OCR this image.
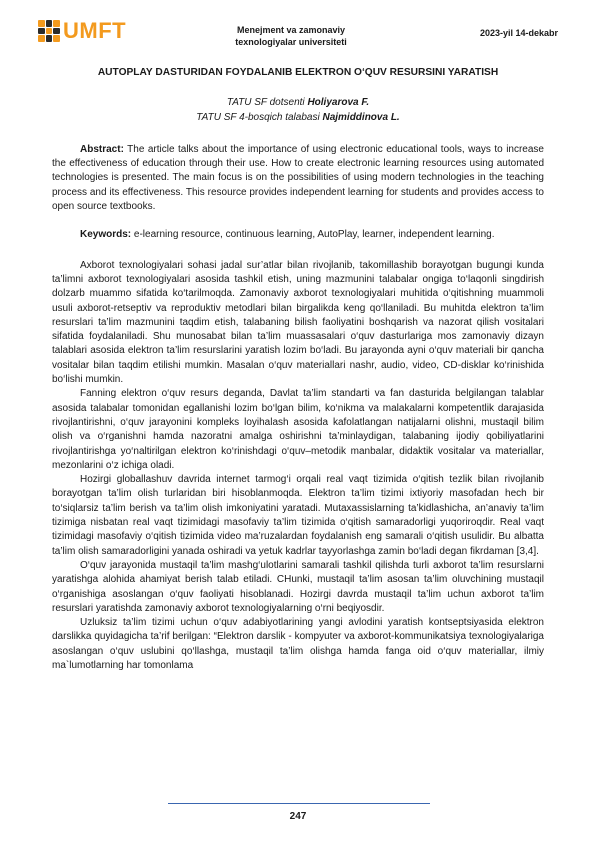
UMFT	Menejment va zamonaviy
texnologiyalar universiteti
2023-yil 14-dekabr

AUTOPLAY DASTURIDAN FOYDALANIB ELEKTRON O‘QUV RESURSINI YARATISH

TATU SF dotsenti Holiyarova F.

TATU SF 4-bosqich talabasi Najmiddinova L.

Abstract: The article talks about the importance of using electronic educational tools, ways to increase the effectiveness of education through their use. How to create electronic learning resources using automated technologies is presented. The main focus is on the possibilities of using modern technologies in the teaching process and its effectiveness. This resource provides independent learning for students and provides access to open source textbooks.

Keywords: e-learning resource, continuous learning, AutoPlay, learner, independent learning.

Axborot texnologiyalari sohasi jadal sur’atlar bilan rivojlanib, takomillashib borayotgan bugungi kunda ta’limni axborot texnologiyalari asosida tashkil etish, uning mazmunini talabalar ongiga to‘laqonli singdirish dolzarb muammo sifatida ko‘tarilmoqda. Zamonaviy axborot texnologiyalari muhitida o‘qitishning muammoli usuli axborot-retseptiv va reproduktiv metodlari bilan birgalikda keng qo‘llaniladi. Bu muhitda elektron ta’lim resurslari ta’lim mazmunini taqdim etish, talabaning bilish faoliyatini boshqarish va nazorat qilish vositalari sifatida foydalaniladi. Shu munosabat bilan ta’lim muassasalari o‘quv dasturlariga mos zamonaviy dizayn talablari asosida elektron ta’lim resurslarini yaratish lozim bo‘ladi. Bu jarayonda ayni o‘quv materiali bir qancha vositalar bilan taqdim etilishi mumkin. Masalan o‘quv materiallari nashr, audio, video, CD-disklar ko‘rinishida bo‘lishi mumkin.

Fanning elektron o‘quv resurs deganda, Davlat ta’lim standarti va fan dasturida belgilangan talablar asosida talabalar tomonidan egallanishi lozim bo‘lgan bilim, ko‘nikma va malakalarni kompetentlik darajasida rivojlantirishni, o‘quv jarayonini kompleks loyihalash asosida kafolatlangan natijalarni olishni, mustaqil bilim olish va o‘rganishni hamda nazoratni amalga oshirishni ta’minlaydigan, talabaning ijodiy qobiliyatlarini rivojlantirishga yo‘naltirilgan elektron ko‘rinishdagi o‘quv–metodik manbalar, didaktik vositalar va materiallar, mezonlarini o‘z ichiga oladi.

Hozirgi globallashuv davrida internet tarmog‘i orqali real vaqt tizimida o‘qitish tezlik bilan rivojlanib borayotgan ta’lim olish turlaridan biri hisoblanmoqda. Elektron ta’lim tizimi ixtiyoriy masofadan hech bir to‘siqlarsiz ta’lim berish va ta’lim olish imkoniyatini yaratadi. Mutaxassislarning ta’kidlashicha, an’anaviy ta’lim tizimiga nisbatan real vaqt tizimidagi masofaviy ta’lim tizimida o‘qitish samaradorligi yuqoriroqdir. Real vaqt tizimidagi masofaviy o‘qitish tizimida video ma’ruzalardan foydalanish eng samarali o‘qitish usulidir. Bu albatta ta’lim olish samaradorligini yanada oshiradi va yetuk kadrlar tayyorlashga zamin bo‘ladi degan fikrdaman [3,4].

O‘quv jarayonida mustaqil ta’lim mashg‘ulotlarini samarali tashkil qilishda turli axborot ta’lim resurslarni yaratishga alohida ahamiyat berish talab etiladi. CHunki, mustaqil ta’lim asosan ta’lim oluvchining mustaqil o‘rganishiga asoslangan o‘quv faoliyati hisoblanadi. Hozirgi davrda mustaqil ta’lim uchun axborot ta’lim resurslari yaratishda zamonaviy axborot texnologiyalarning o‘rni beqiyosdir.

Uzluksiz ta’lim tizimi uchun o‘quv adabiyotlarining yangi avlodini yaratish kontseptsiyasida elektron darslikka quyidagicha ta’rif berilgan: “Elektron darslik - kompyuter va axborot-kommunikatsiya texnologiyalariga asoslangan o‘quv uslubini qo‘llashga, mustaqil ta’lim olishga hamda fanga oid o‘quv materiallar, ilmiy ma`lumotlarning har tomonlama

247
